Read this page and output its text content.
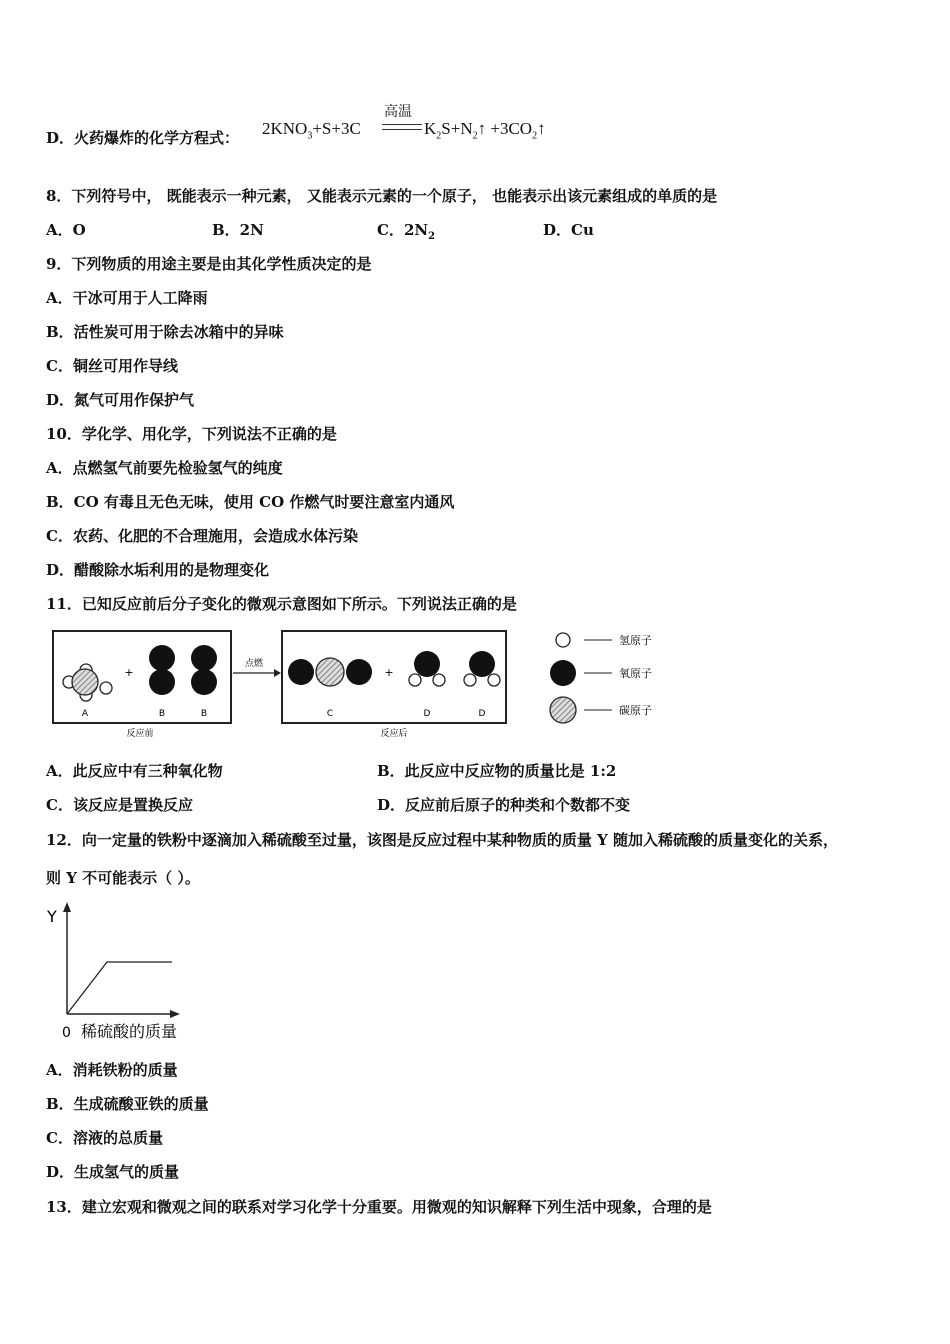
D．火药爆炸的化学方程式： $2KNO_3+S+3C$
高温
$K_2S+N_2↑$ $+3CO_2↑$
8．下列符号中， 既能表示一种元素， 又能表示元素的一个原子， 也能表示出该元素组成的单质的是
A．O	B．2N	C．$2N_2$	D．Cu
9．下列物质的用途主要是由其化学性质决定的是
A．干冰可用于人工降雨
B．活性炭可用于除去冰箱中的异味
C．铜丝可用作导线
D．氮气可用作保护气
10．学化学、用化学，下列说法不正确的是
A．点燃氢气前要先检验氢气的纯度
B．CO 有毒且无色无味，使用 CO 作燃气时要注意室内通风
C．农药、化肥的不合理施用，会造成水体污染
D．醋酸除水垢利用的是物理变化
11．已知反应前后分子变化的微观示意图如下所示。下列说法正确的是
A
+
B	B
反应前
点燃
C
+
D	D
反应后
氢原子
氧原子
碳原子
A．此反应中有三种氧化物	B．此反应中反应物的质量比是 1:2
C．该反应是置换反应	D．反应前后原子的种类和个数都不变
12．向一定量的铁粉中逐滴加入稀硫酸至过量，该图是反应过程中某种物质的质量 Y 随加入稀硫酸的质量变化的关系，
则 Y 不可能表示（ ）。
Y
0 稀硫酸的质量
A．消耗铁粉的质量
B．生成硫酸亚铁的质量
C．溶液的总质量
D．生成氢气的质量
13．建立宏观和微观之间的联系对学习化学十分重要。用微观的知识解释下列生活中现象，合理的是
